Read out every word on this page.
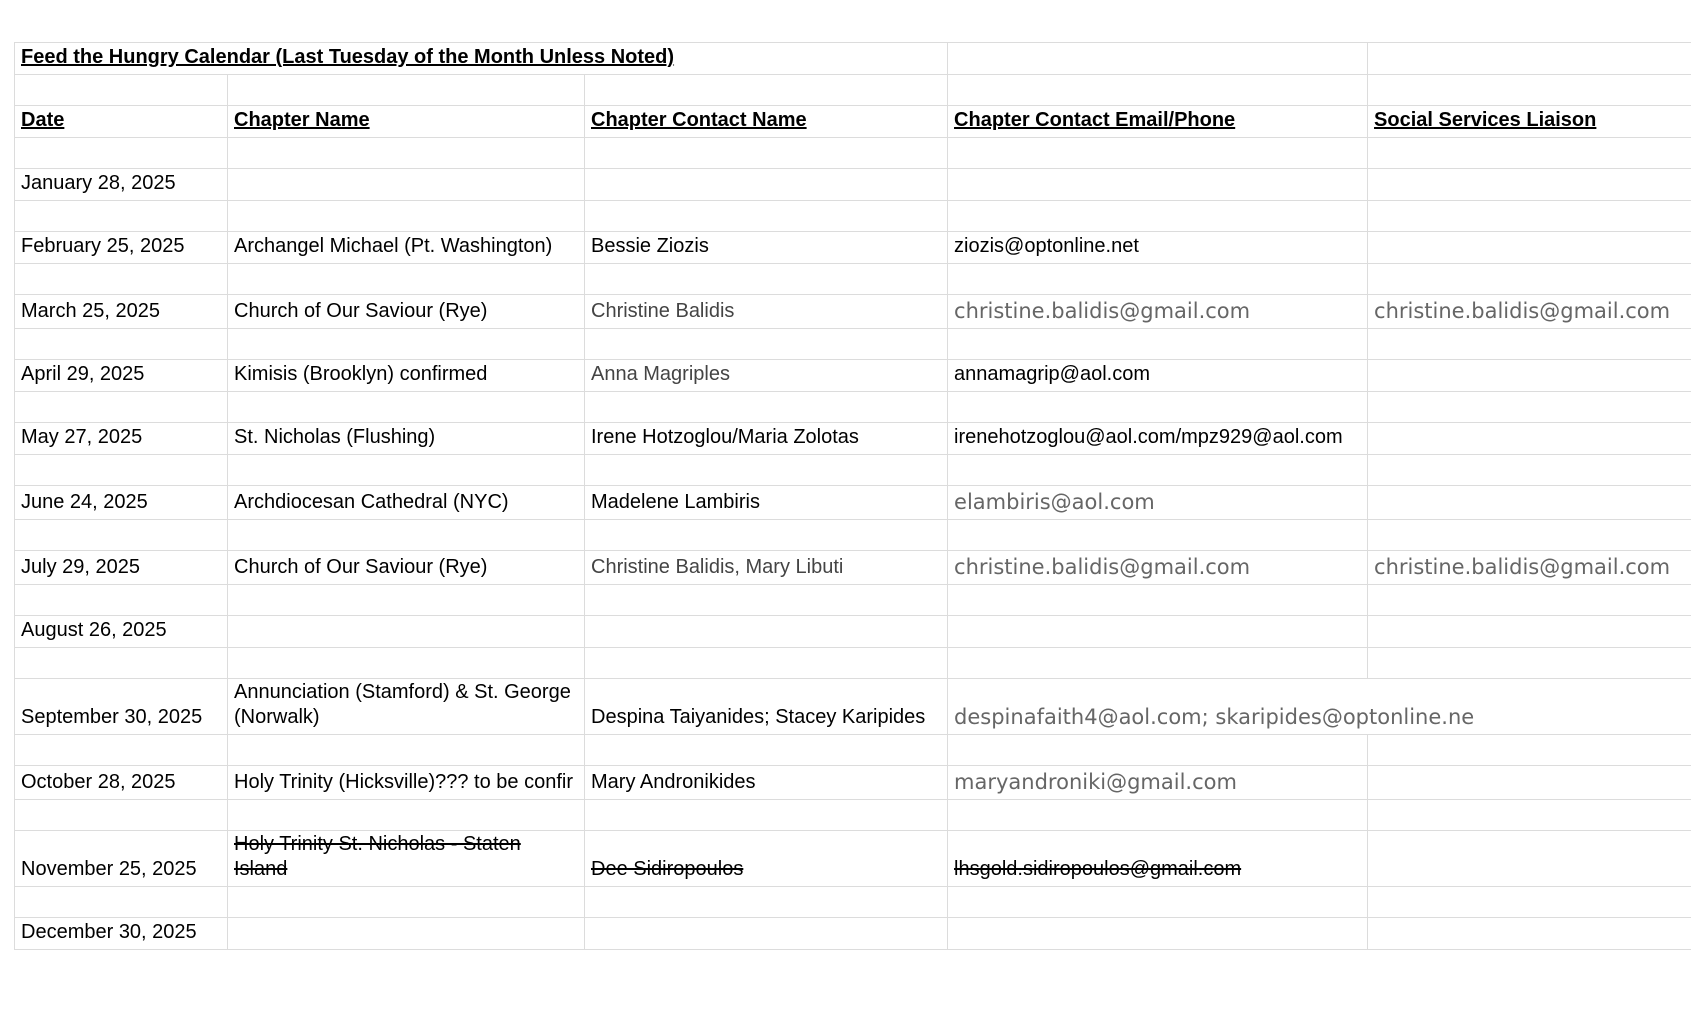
Feed the Hungry Calendar (Last Tuesday of the Month Unless Noted)					

Date	Chapter Name	Chapter Contact Name	Chapter Contact Email/Phone	Social Services Liaison	

January 28, 2025					

February 25, 2025	Archangel Michael (Pt. Washington)	Bessie Ziozis	ziozis@optonline.net		

March 25, 2025	Church of Our Saviour (Rye)	Christine Balidis	christine.balidis@gmail.com	christine.balidis@gmail.com	

April 29, 2025	Kimisis (Brooklyn) confirmed	Anna Magriples	annamagrip@aol.com		

May 27, 2025	St. Nicholas (Flushing)	Irene Hotzoglou/Maria Zolotas	irenehotzoglou@aol.com/mpz929@aol.com		

June 24, 2025	Archdiocesan Cathedral (NYC)	Madelene Lambiris	elambiris@aol.com		

July 29, 2025	Church of Our Saviour (Rye)	Christine Balidis, Mary Libuti	christine.balidis@gmail.com	christine.balidis@gmail.com	

August 26, 2025					

September 30, 2025	Annunciation (Stamford) & St. George (Norwalk)	Despina Taiyanides; Stacey Karipides	despinafaith4@aol.com; skaripides@optonline.ne		

October 28, 2025	Holy Trinity (Hicksville)??? to be confir	Mary Andronikides	maryandroniki@gmail.com		

November 25, 2025	Holy Trinity St. Nicholas - Staten Island	Dee Sidiropoulos	lhsgold.sidiropoulos@gmail.com		

December 30, 2025					
